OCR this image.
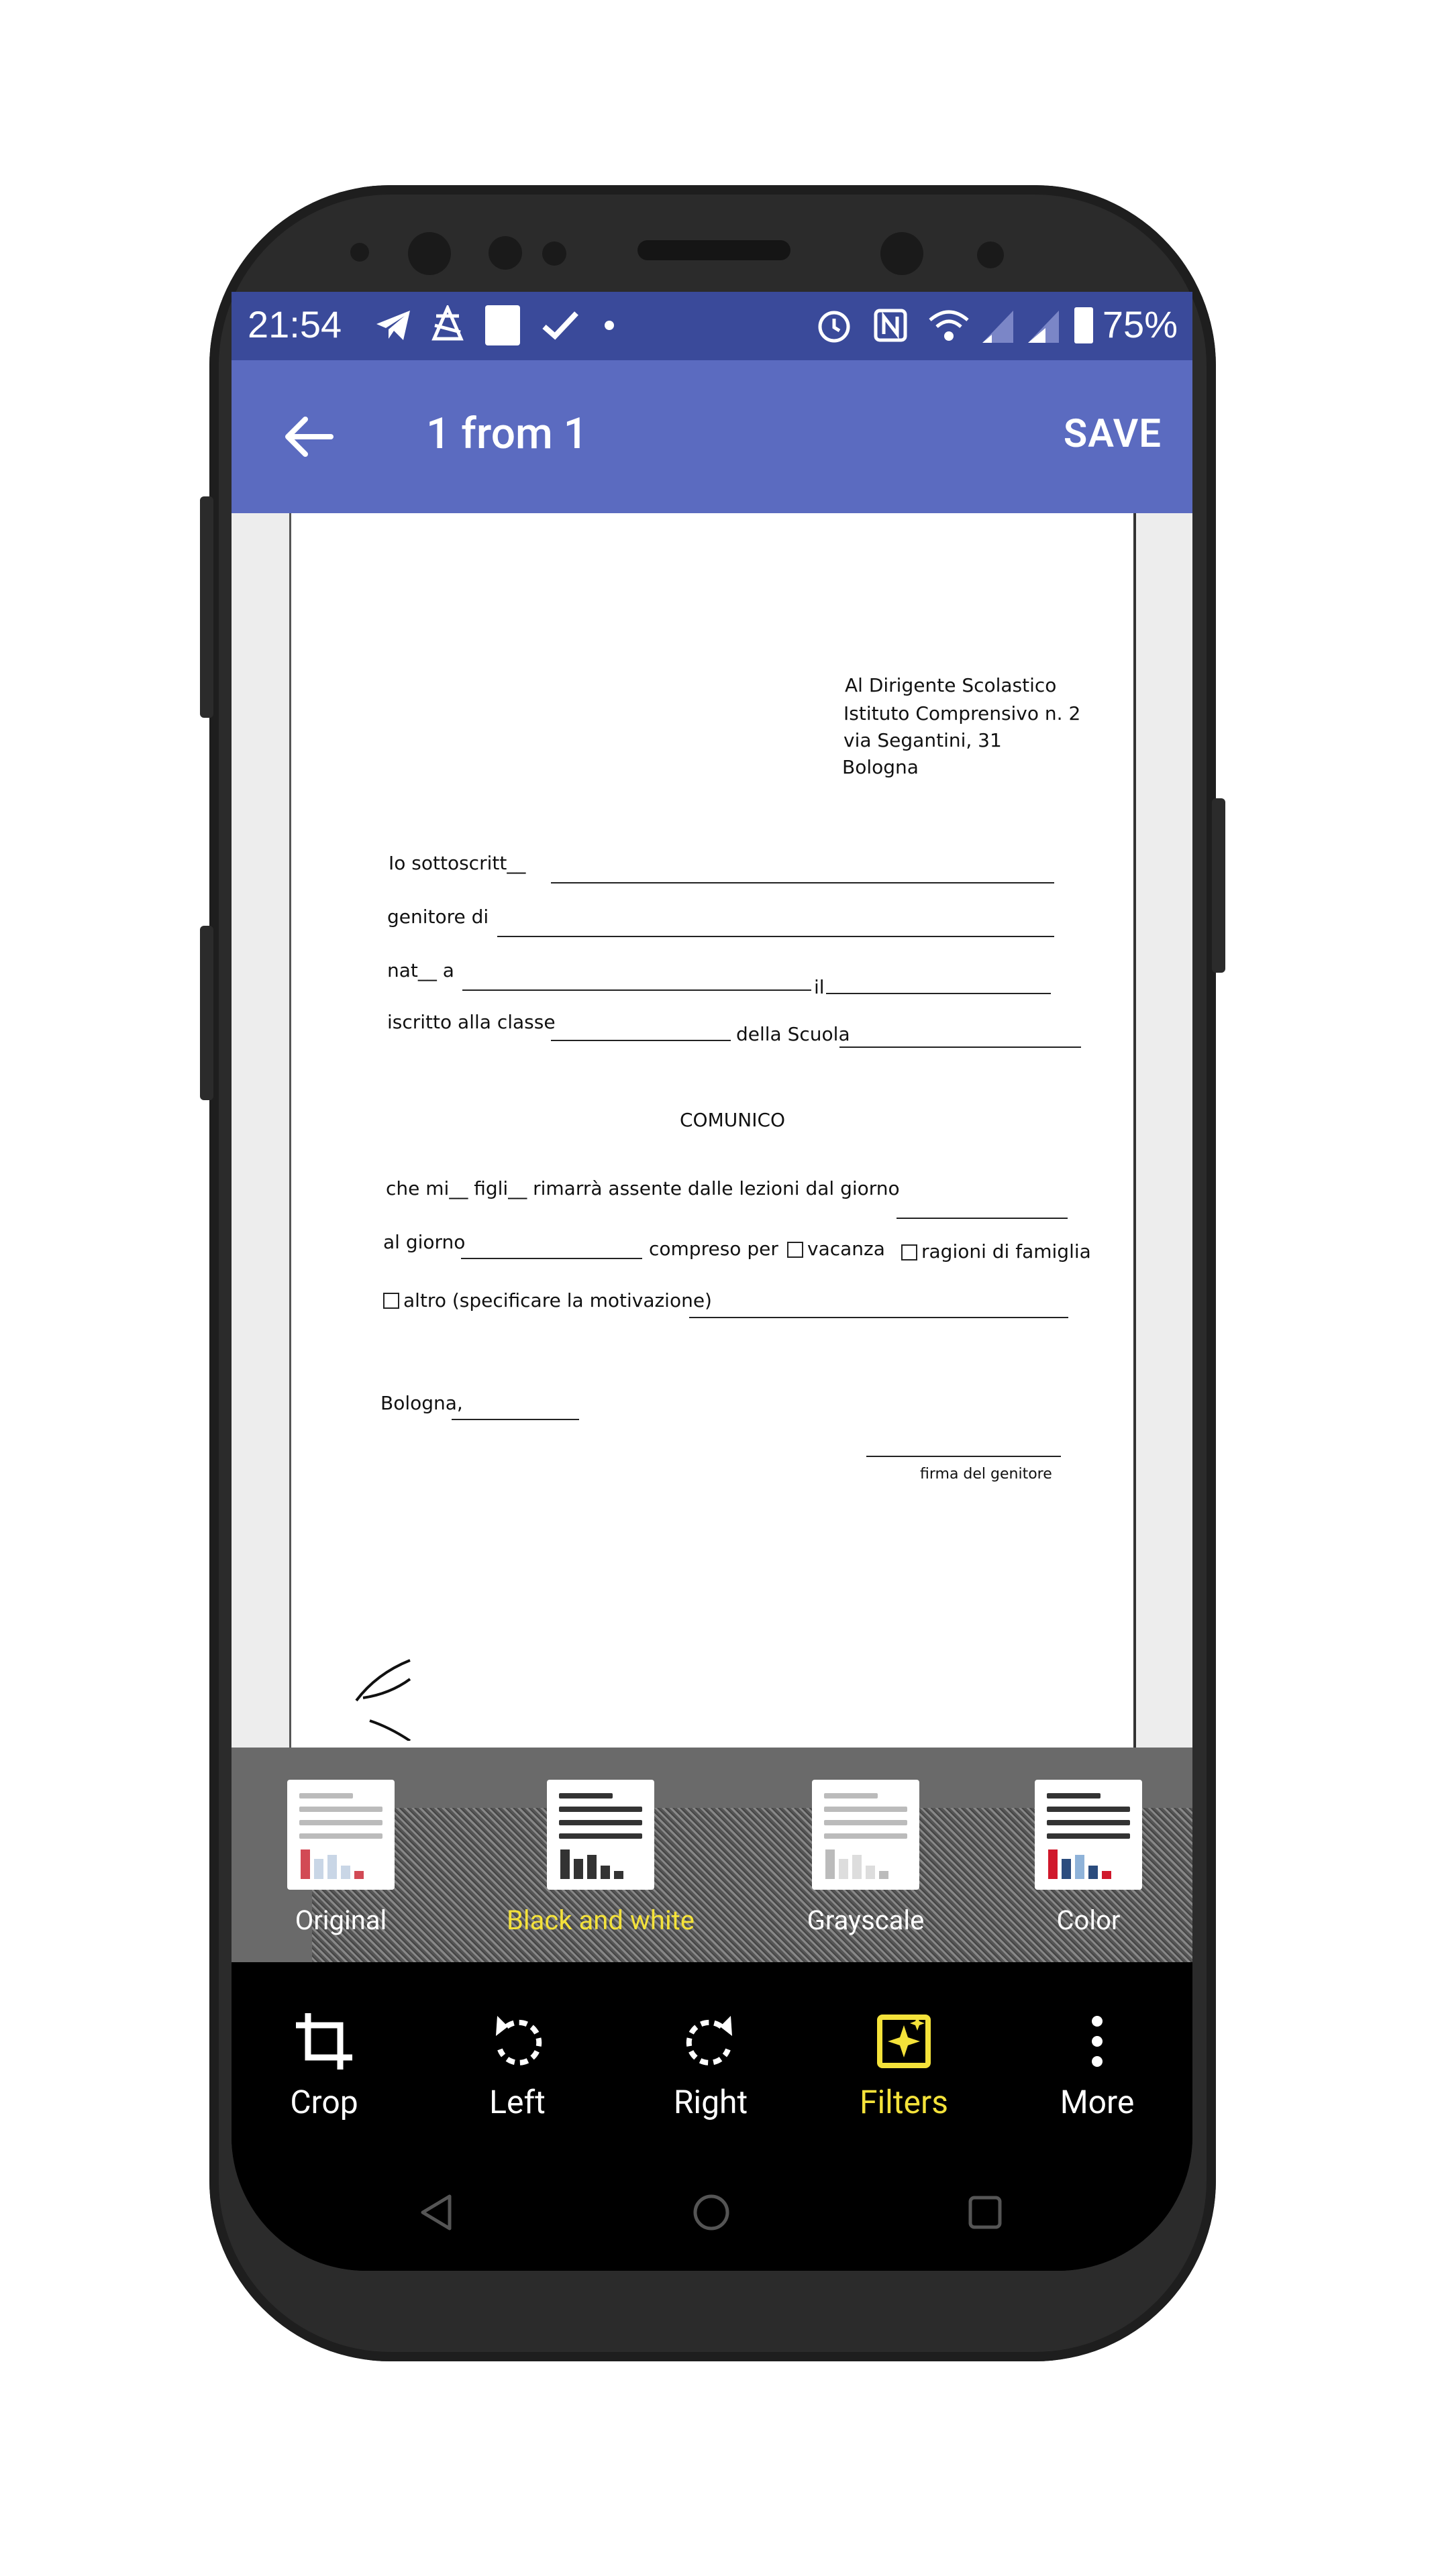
21:54	75%
1 from 1	SAVE
Al Dirigente Scolastico
Istituto Comprensivo n. 2
via Segantini, 31
Bologna
Io sottoscritt__
genitore di
nat__ a
il
iscritto alla classe
della Scuola
COMUNICO
che mi__ figli__ rimarrà assente dalle lezioni dal giorno
al giorno	compreso per vacanza ragioni di famiglia
altro (specificare la motivazione)
Bologna,
firma del genitore
Original	Black and white	Grayscale	Color
Crop	Left	Right	Filters	More
